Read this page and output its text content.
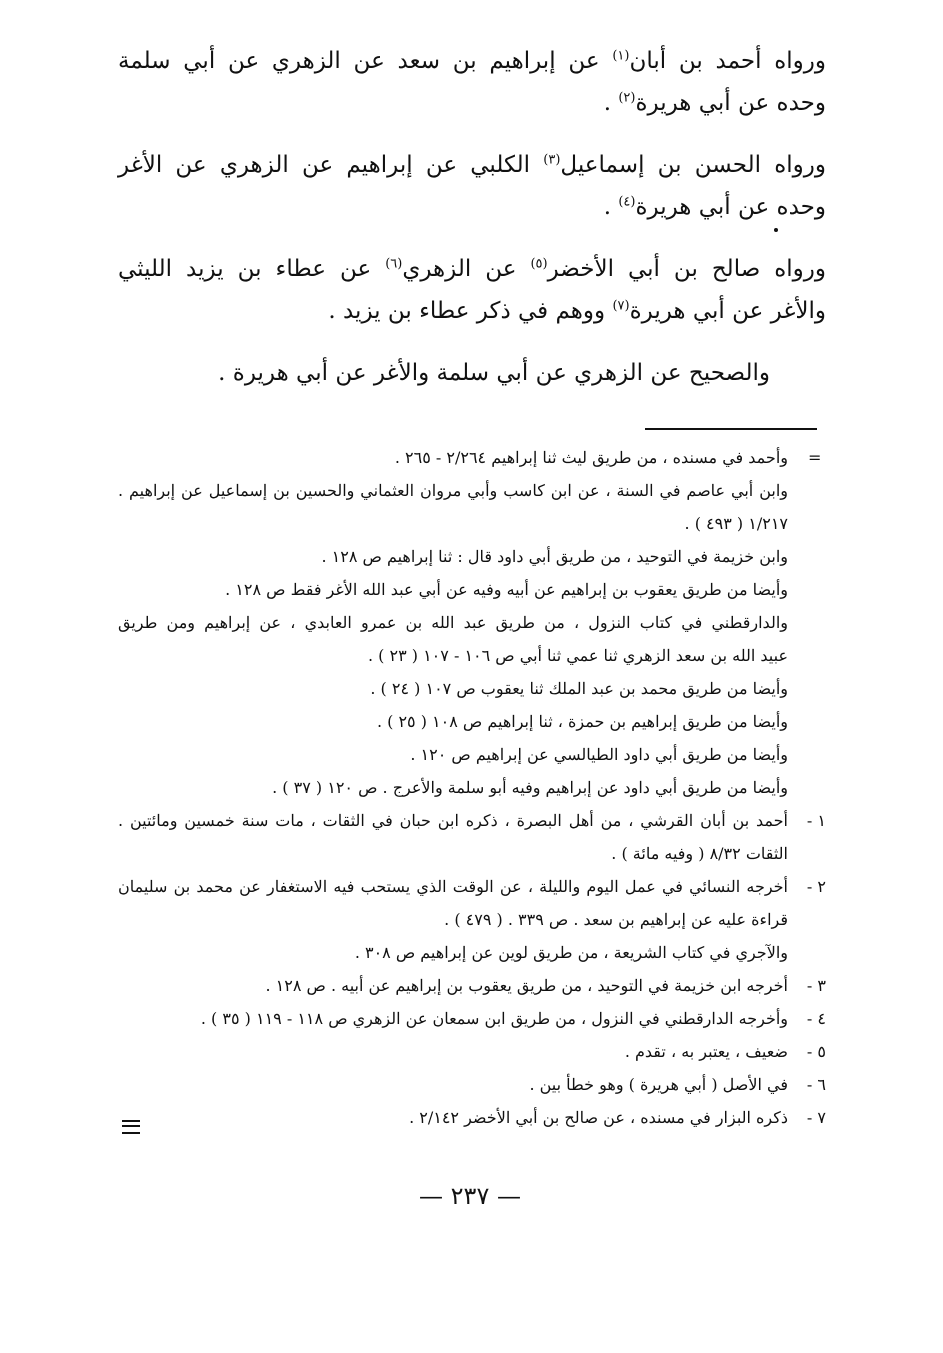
ورواه أحمد بن أبان$^{(١)}$ عن إبراهيم بن سعد عن الزهري عن أبي سلمة
وحده عن أبي هريرة$^{(٢)}$ .
ورواه الحسن بن إسماعيل$^{(٣)}$ الكلبي عن إبراهيم عن الزهري عن الأغر
وحده عن أبي هريرة$^{(٤)}$ .
ورواه صالح بن أبي الأخضر$^{(٥)}$ عن الزهري$^{(٦)}$ عن عطاء بن يزيد الليثي
والأغر عن أبي هريرة$^{(٧)}$ ووهم في ذكر عطاء بن يزيد .
والصحيح عن الزهري عن أبي سلمة والأغر عن أبي هريرة .
=
وأحمد في مسنده ، من طريق ليث ثنا إبراهيم ٢/٢٦٤ - ٢٦٥ .
وابن أبي عاصم في السنة ، عن ابن كاسب وأبي مروان العثماني والحسين بن إسماعيل عن إبراهيم .
١/٢١٧ ( ٤٩٣ ) .
وابن خزيمة في التوحيد ، من طريق أبي داود قال : ثنا إبراهيم ص ١٢٨ .
وأيضا من طريق يعقوب بن إبراهيم عن أبيه وفيه عن أبي عبد الله الأغر فقط ص ١٢٨ .
والدارقطني في كتاب النزول ، من طريق عبد الله بن عمرو العابدي ، عن إبراهيم ومن طريق
عبيد الله بن سعد الزهري ثنا عمي ثنا أبي ص ١٠٦ - ١٠٧ ( ٢٣ ) .
وأيضا من طريق محمد بن عبد الملك ثنا يعقوب ص ١٠٧ ( ٢٤ ) .
وأيضا من طريق إبراهيم بن حمزة ، ثنا إبراهيم ص ١٠٨ ( ٢٥ ) .
وأيضا من طريق أبي داود الطيالسي عن إبراهيم ص ١٢٠ .
وأيضا من طريق أبي داود عن إبراهيم وفيه أبو سلمة والأعرج . ص ١٢٠ ( ٣٧ ) .
١ -
أحمد بن أبان القرشي ، من أهل البصرة ، ذكره ابن حبان في الثقات ، مات سنة خمسين ومائتين .
الثقات ٨/٣٢ ( وفيه مائة ) .
٢ -
أخرجه النسائي في عمل اليوم والليلة ، عن الوقت الذي يستحب فيه الاستغفار عن محمد بن سليمان
قراءة عليه عن إبراهيم بن سعد . ص ٣٣٩ . ( ٤٧٩ ) .
والآجري في كتاب الشريعة ، من طريق لوين عن إبراهيم ص ٣٠٨ .
٣ -
أخرجه ابن خزيمة في التوحيد ، من طريق يعقوب بن إبراهيم عن أبيه . ص ١٢٨ .
٤ -
وأخرجه الدارقطني في النزول ، من طريق ابن سمعان عن الزهري ص ١١٨ - ١١٩ ( ٣٥ ) .
٥ -
ضعيف ، يعتبر به ، تقدم .
٦ -
في الأصل ( أبي هريرة ) وهو خطأ بين .
٧ -
ذكره البزار في مسنده ، عن صالح بن أبي الأخضر ٢/١٤٢ .
— ٢٣٧ —
